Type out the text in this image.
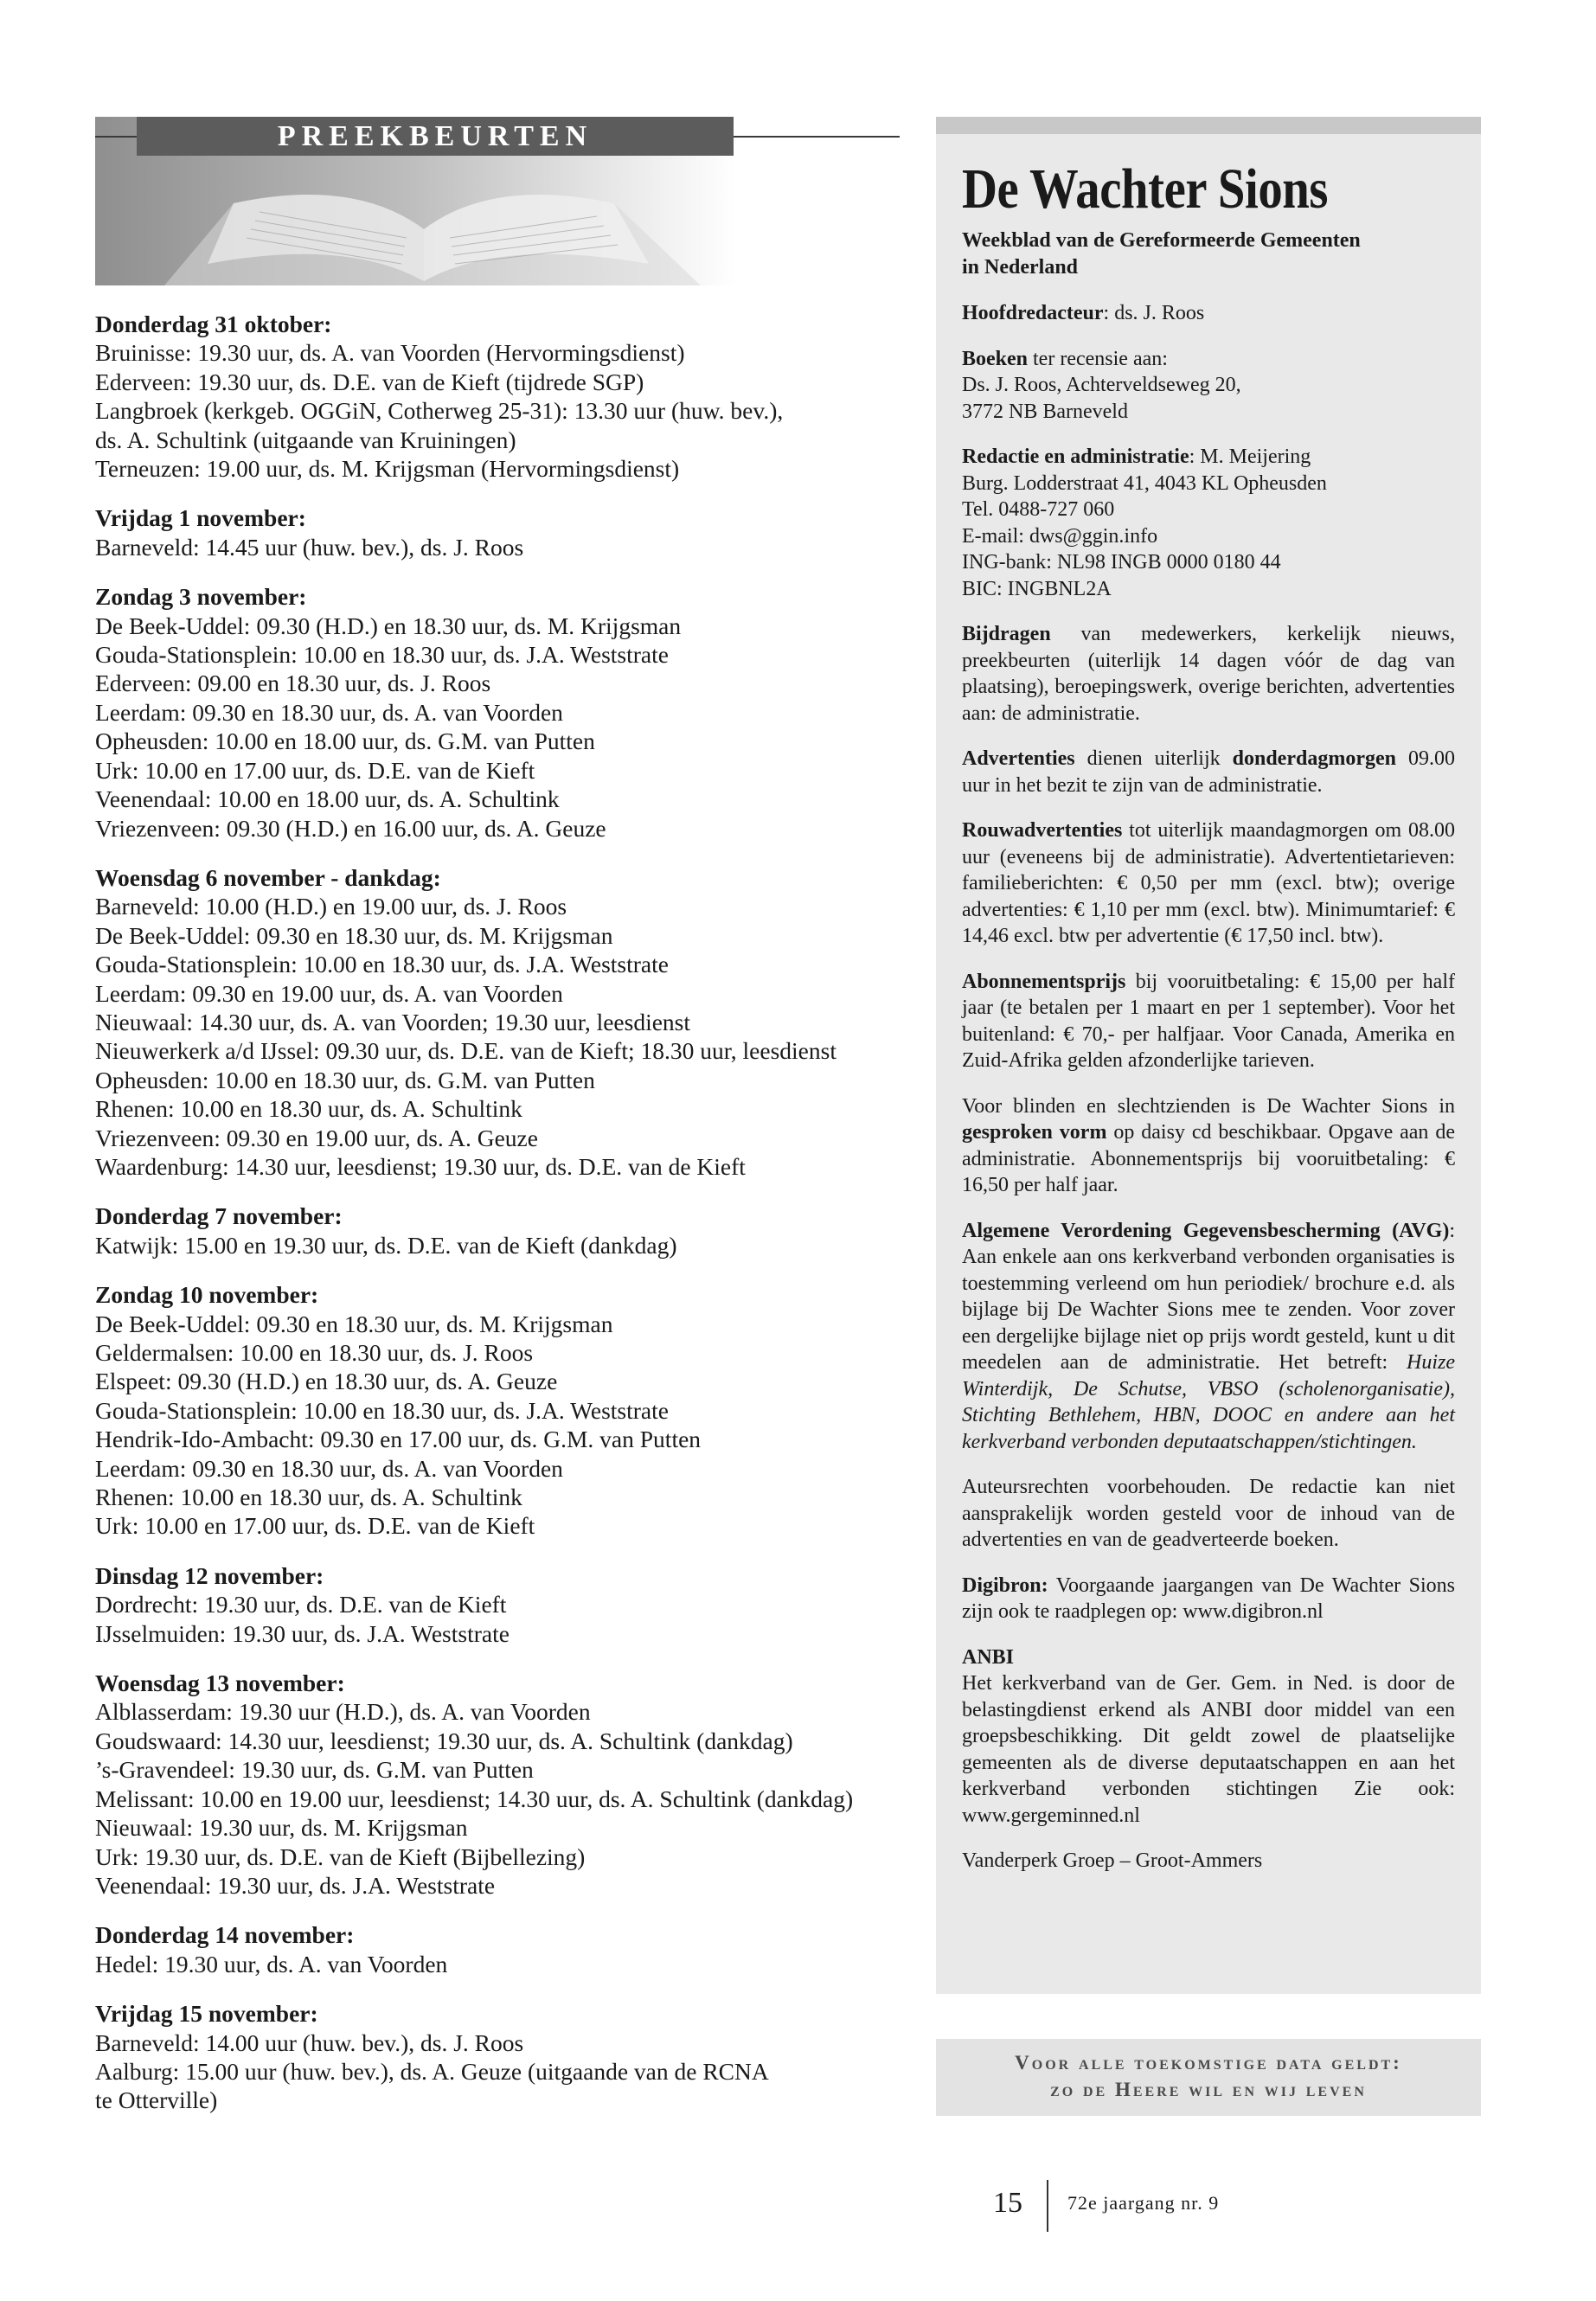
PREEKBEURTEN
Donderdag 31 oktober:
Bruinisse: 19.30 uur, ds. A. van Voorden (Hervormingsdienst)
Ederveen: 19.30 uur, ds. D.E. van de Kieft (tijdrede SGP)
Langbroek (kerkgeb. OGGiN, Cotherweg 25-31): 13.30 uur (huw. bev.),
ds. A. Schultink (uitgaande van Kruiningen)
Terneuzen: 19.00 uur, ds. M. Krijgsman (Hervormingsdienst)
Vrijdag 1 november:
Barneveld: 14.45 uur (huw. bev.), ds. J. Roos
Zondag 3 november:
De Beek-Uddel: 09.30 (H.D.) en 18.30 uur, ds. M. Krijgsman
Gouda-Stationsplein: 10.00 en 18.30 uur, ds. J.A. Weststrate
Ederveen: 09.00 en 18.30 uur, ds. J. Roos
Leerdam: 09.30 en 18.30 uur, ds. A. van Voorden
Opheusden: 10.00 en 18.00 uur, ds. G.M. van Putten
Urk: 10.00 en 17.00 uur, ds. D.E. van de Kieft
Veenendaal: 10.00 en 18.00 uur, ds. A. Schultink
Vriezenveen: 09.30 (H.D.) en 16.00 uur, ds. A. Geuze
Woensdag 6 november - dankdag:
Barneveld: 10.00 (H.D.) en 19.00 uur, ds. J. Roos
De Beek-Uddel: 09.30 en 18.30 uur, ds. M. Krijgsman
Gouda-Stationsplein: 10.00 en 18.30 uur, ds. J.A. Weststrate
Leerdam: 09.30 en 19.00 uur, ds. A. van Voorden
Nieuwaal: 14.30 uur, ds. A. van Voorden; 19.30 uur, leesdienst
Nieuwerkerk a/d IJssel: 09.30 uur, ds. D.E. van de Kieft; 18.30 uur, leesdienst
Opheusden: 10.00 en 18.30 uur, ds. G.M. van Putten
Rhenen: 10.00 en 18.30 uur, ds. A. Schultink
Vriezenveen: 09.30 en 19.00 uur, ds. A. Geuze
Waardenburg: 14.30 uur, leesdienst; 19.30 uur, ds. D.E. van de Kieft
Donderdag 7 november:
Katwijk: 15.00 en 19.30 uur, ds. D.E. van de Kieft (dankdag)
Zondag 10 november:
De Beek-Uddel: 09.30 en 18.30 uur, ds. M. Krijgsman
Geldermalsen: 10.00 en 18.30 uur, ds. J. Roos
Elspeet: 09.30 (H.D.) en 18.30 uur, ds. A. Geuze
Gouda-Stationsplein: 10.00 en 18.30 uur, ds. J.A. Weststrate
Hendrik-Ido-Ambacht: 09.30 en 17.00 uur, ds. G.M. van Putten
Leerdam: 09.30 en 18.30 uur, ds. A. van Voorden
Rhenen: 10.00 en 18.30 uur, ds. A. Schultink
Urk: 10.00 en 17.00 uur, ds. D.E. van de Kieft
Dinsdag 12 november:
Dordrecht: 19.30 uur, ds. D.E. van de Kieft
IJsselmuiden: 19.30 uur, ds. J.A. Weststrate
Woensdag 13 november:
Alblasserdam: 19.30 uur (H.D.), ds. A. van Voorden
Goudswaard: 14.30 uur, leesdienst; 19.30 uur, ds. A. Schultink (dankdag)
’s-Gravendeel: 19.30 uur, ds. G.M. van Putten
Melissant: 10.00 en 19.00 uur, leesdienst; 14.30 uur, ds. A. Schultink (dankdag)
Nieuwaal: 19.30 uur, ds. M. Krijgsman
Urk: 19.30 uur, ds. D.E. van de Kieft (Bijbellezing)
Veenendaal: 19.30 uur, ds. J.A. Weststrate
Donderdag 14 november:
Hedel: 19.30 uur, ds. A. van Voorden
Vrijdag 15 november:
Barneveld: 14.00 uur (huw. bev.), ds. J. Roos
Aalburg: 15.00 uur (huw. bev.), ds. A. Geuze (uitgaande van de RCNA
te Otterville)
De Wachter Sions
Weekblad van de Gereformeerde Gemeenten
in Nederland
Hoofdredacteur: ds. J. Roos
Boeken ter recensie aan:
Ds. J. Roos, Achterveldseweg 20,
3772 NB Barneveld
Redactie en administratie: M. Meijering
Burg. Lodderstraat 41, 4043 KL Opheusden
Tel. 0488-727 060
E-mail: dws@ggin.info
ING-bank: NL98 INGB 0000 0180 44
BIC: INGBNL2A
Bijdragen van medewerkers, kerkelijk nieuws, preekbeurten (uiterlijk 14 dagen vóór de dag van plaatsing), beroepingswerk, overige berichten, advertenties aan: de administratie.
Advertenties dienen uiterlijk donderdagmorgen 09.00 uur in het bezit te zijn van de administratie.
Rouwadvertenties tot uiterlijk maandagmorgen om 08.00 uur (eveneens bij de administratie). Advertentietarieven: familieberichten: € 0,50 per mm (excl. btw); overige advertenties: € 1,10 per mm (excl. btw). Minimumtarief: € 14,46 excl. btw per advertentie (€ 17,50 incl. btw).
Abonnementsprijs bij vooruitbetaling: € 15,00 per half jaar (te betalen per 1 maart en per 1 september). Voor het buitenland: € 70,- per halfjaar. Voor Canada, Amerika en Zuid-Afrika gelden afzonderlijke tarieven.
Voor blinden en slechtzienden is De Wachter Sions in gesproken vorm op daisy cd beschikbaar. Opgave aan de administratie. Abonnementsprijs bij vooruitbetaling: € 16,50 per half jaar.
Algemene Verordening Gegevensbescherming (AVG): Aan enkele aan ons kerkverband verbonden organisaties is toestemming verleend om hun periodiek/ brochure e.d. als bijlage bij De Wachter Sions mee te zenden. Voor zover een dergelijke bijlage niet op prijs wordt gesteld, kunt u dit meedelen aan de administratie. Het betreft: Huize Winterdijk, De Schutse, VBSO (scholenorganisatie), Stichting Bethlehem, HBN, DOOC en andere aan het kerkverband verbonden deputaatschappen/stichtingen.
Auteursrechten voorbehouden. De redactie kan niet aansprakelijk worden gesteld voor de inhoud van de advertenties en van de geadverteerde boeken.
Digibron: Voorgaande jaargangen van De Wachter Sions zijn ook te raadplegen op: www.digibron.nl
ANBI
Het kerkverband van de Ger. Gem. in Ned. is door de belastingdienst erkend als ANBI door middel van een groepsbeschikking. Dit geldt zowel de plaatselijke gemeenten als de diverse deputaatschappen en aan het kerkverband verbonden stichtingen Zie ook: www.gergeminned.nl
Vanderperk Groep – Groot-Ammers
Voor alle toekomstige data geldt:
zo de Heere wil en wij leven
15 72e jaargang nr. 9
